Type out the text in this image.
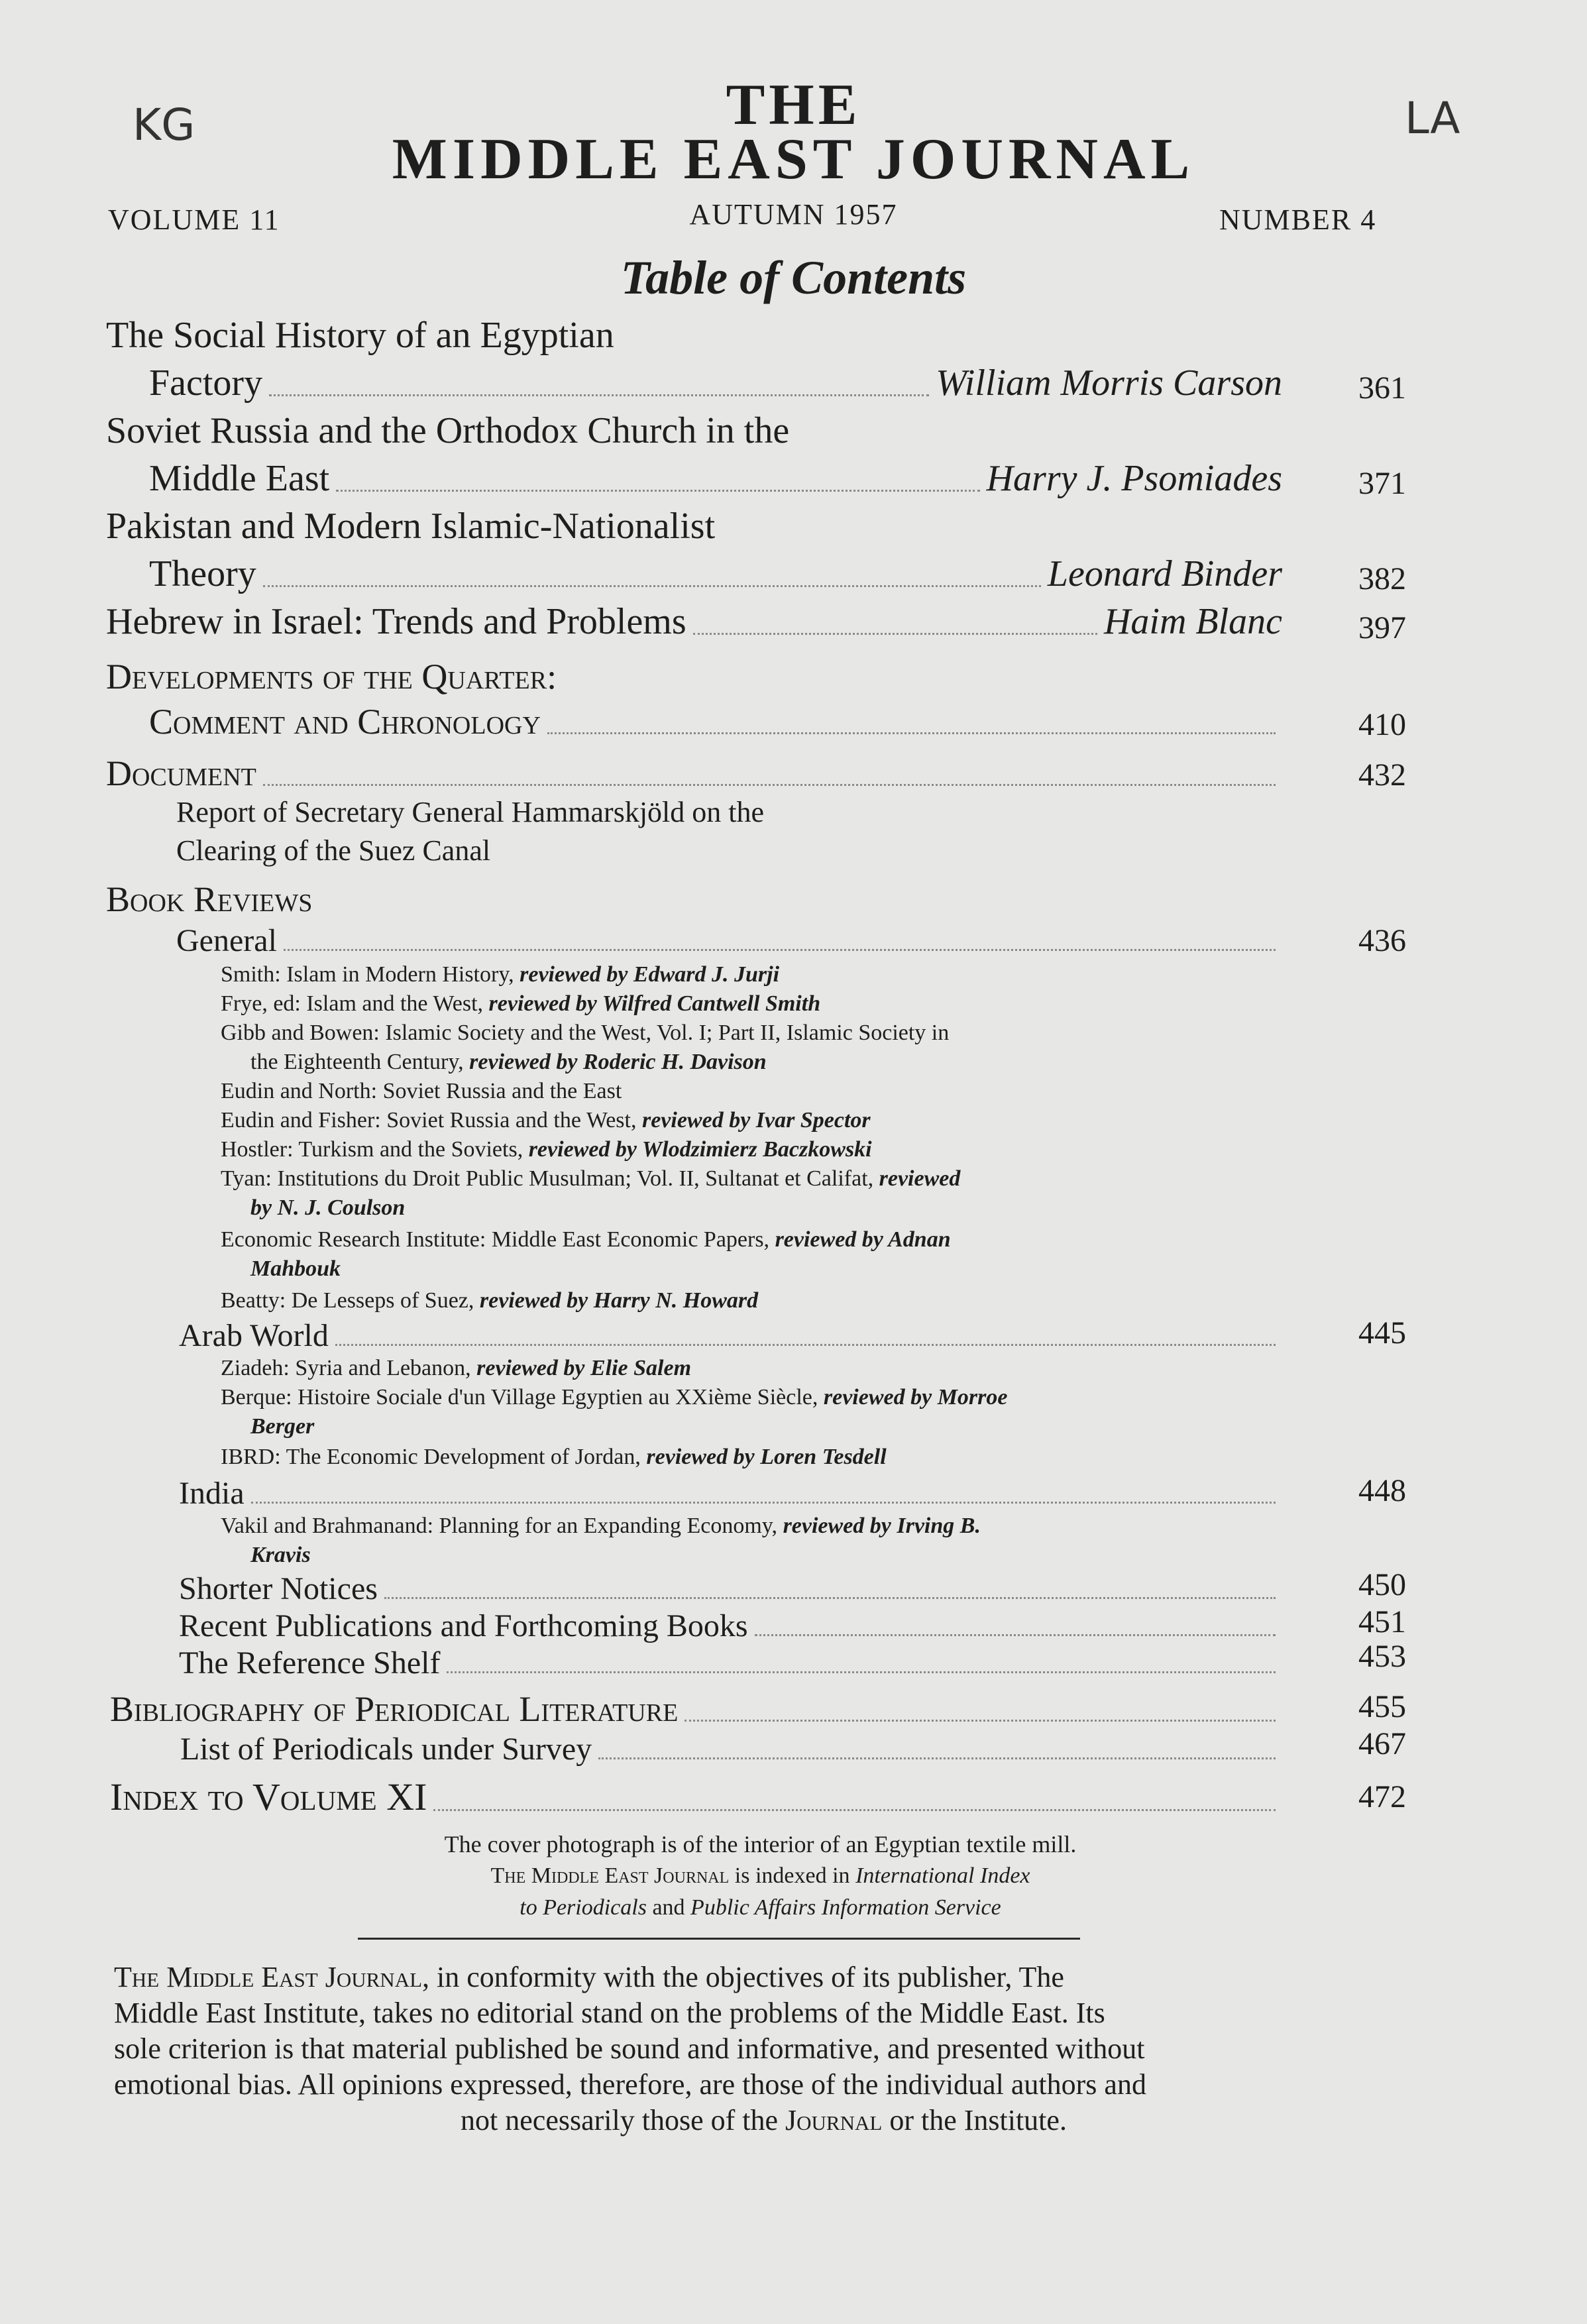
KG	LA
THE
MIDDLE EAST JOURNAL
VOLUME 11	AUTUMN 1957	NUMBER 4
Table of Contents
The Social History of an Egyptian
Factory	William Morris Carson	361
Soviet Russia and the Orthodox Church in the
Middle East	Harry J. Psomiades	371
Pakistan and Modern Islamic-Nationalist
Theory	Leonard Binder	382
Hebrew in Israel: Trends and Problems	Haim Blanc	397
Developments of the Quarter:
Comment and Chronology	410
Document	432
Report of Secretary General Hammarskjöld on the
Clearing of the Suez Canal
Book Reviews
General	436
Smith: Islam in Modern History, reviewed by Edward J. Jurji
Frye, ed: Islam and the West, reviewed by Wilfred Cantwell Smith
Gibb and Bowen: Islamic Society and the West, Vol. I; Part II, Islamic Society in
the Eighteenth Century, reviewed by Roderic H. Davison
Eudin and North: Soviet Russia and the East
Eudin and Fisher: Soviet Russia and the West, reviewed by Ivar Spector
Hostler: Turkism and the Soviets, reviewed by Wlodzimierz Baczkowski
Tyan: Institutions du Droit Public Musulman; Vol. II, Sultanat et Califat, reviewed
by N. J. Coulson
Economic Research Institute: Middle East Economic Papers, reviewed by Adnan
Mahbouk
Beatty: De Lesseps of Suez, reviewed by Harry N. Howard
Arab World	445
Ziadeh: Syria and Lebanon, reviewed by Elie Salem
Berque: Histoire Sociale d'un Village Egyptien au XXième Siècle, reviewed by Morroe
Berger
IBRD: The Economic Development of Jordan, reviewed by Loren Tesdell
India	448
Vakil and Brahmanand: Planning for an Expanding Economy, reviewed by Irving B.
Kravis
Shorter Notices	450
Recent Publications and Forthcoming Books	451
The Reference Shelf	453
Bibliography of Periodical Literature	455
List of Periodicals under Survey	467
Index to Volume XI	472
The cover photograph is of the interior of an Egyptian textile mill.
The Middle East Journal is indexed in International Index
to Periodicals and Public Affairs Information Service
The Middle East Journal, in conformity with the objectives of its publisher, The
Middle East Institute, takes no editorial stand on the problems of the Middle East. Its
sole criterion is that material published be sound and informative, and presented without
emotional bias. All opinions expressed, therefore, are those of the individual authors and
not necessarily those of the Journal or the Institute.
